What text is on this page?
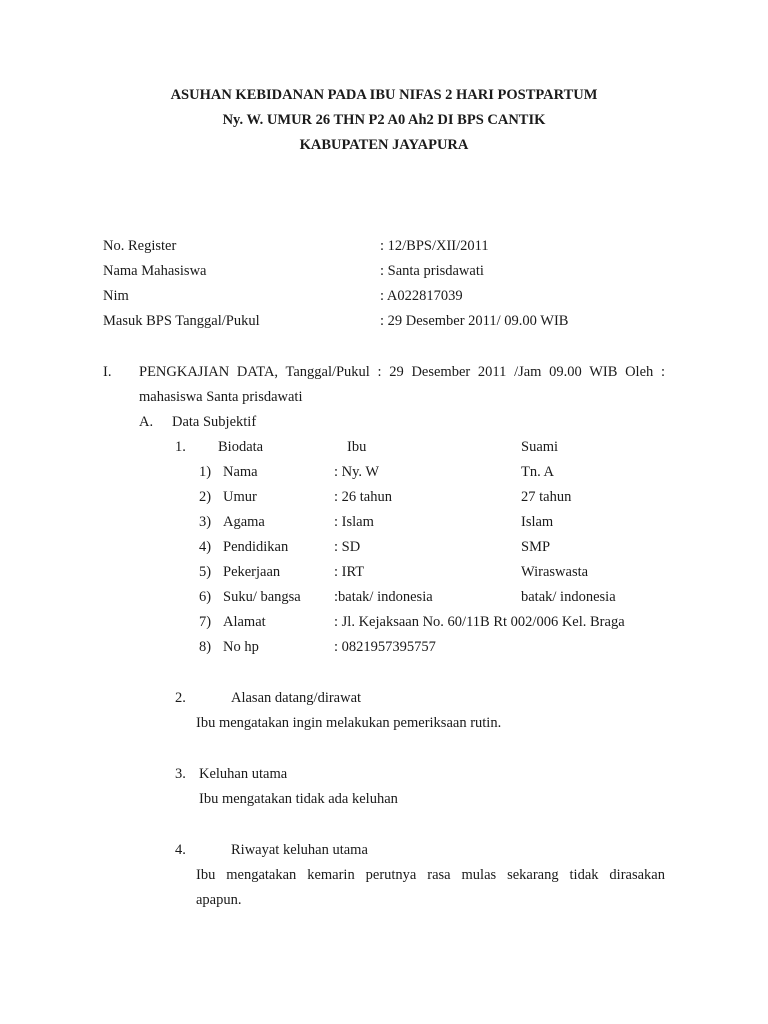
ASUHAN KEBIDANAN PADA IBU NIFAS 2 HARI POSTPARTUM
Ny. W. UMUR 26 THN P2 A0 Ah2 DI BPS CANTIK
KABUPATEN JAYAPURA
No. Register	: 12/BPS/XII/2011
Nama Mahasiswa	: Santa prisdawati
Nim	: A022817039
Masuk BPS Tanggal/Pukul	: 29 Desember 2011/ 09.00 WIB
I. PENGKAJIAN DATA, Tanggal/Pukul : 29 Desember 2011 /Jam 09.00 WIB Oleh :
mahasiswa Santa prisdawati
A. Data Subjektif
1. Biodata	Ibu	Suami
1) Nama	: Ny. W	Tn. A
2) Umur	: 26 tahun	27 tahun
3) Agama	: Islam	Islam
4) Pendidikan	: SD	SMP
5) Pekerjaan	: IRT	Wiraswasta
6) Suku/ bangsa :batak/ indonesia	batak/ indonesia
7) Alamat	: Jl. Kejaksaan No. 60/11B Rt 002/006 Kel. Braga
8) No hp	: 0821957395757
2.	Alasan datang/dirawat
Ibu mengatakan ingin melakukan pemeriksaan rutin.
3. Keluhan utama
Ibu mengatakan tidak ada keluhan
4.	Riwayat keluhan utama
Ibu mengatakan kemarin perutnya rasa mulas sekarang tidak dirasakan
apapun.
